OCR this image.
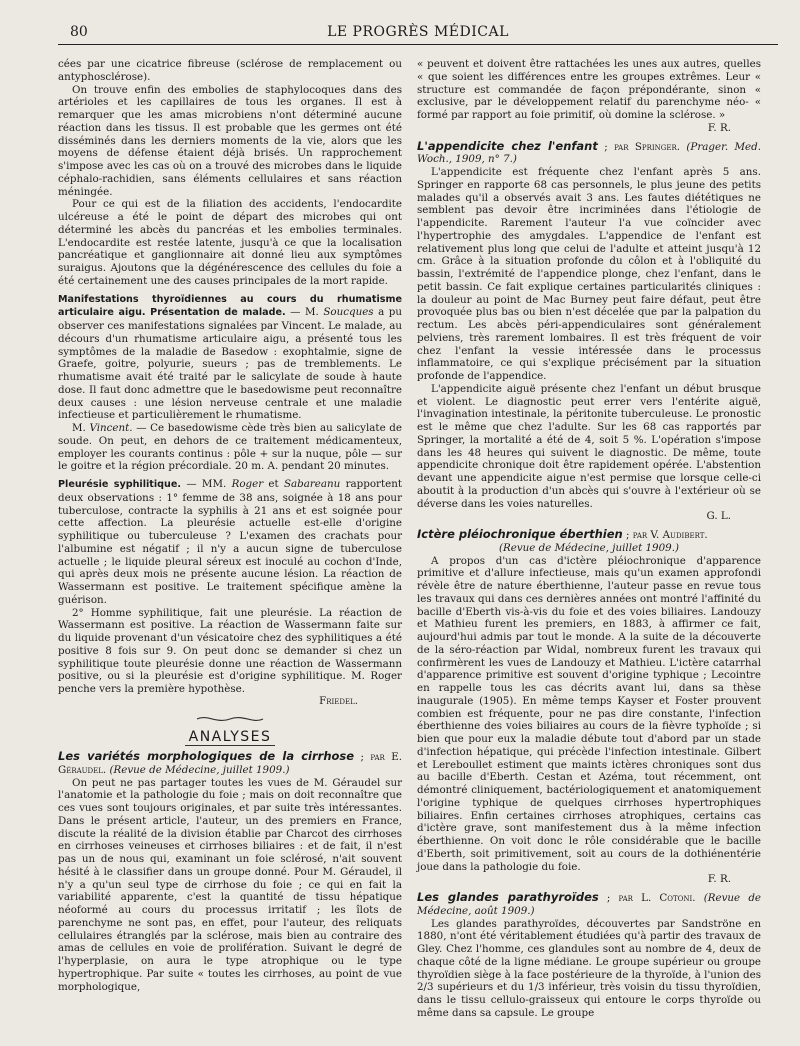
80	LE PROGRÈS MÉDICAL

cées par une cicatrice fibreuse (sclérose de remplacement ou antyphosclérose).

On trouve enfin des embolies de staphylocoques dans des artérioles et les capillaires de tous les organes. Il est à remarquer que les amas microbiens n'ont déterminé aucune réaction dans les tissus. Il est probable que les germes ont été disséminés dans les derniers moments de la vie, alors que les moyens de défense étaient déjà brisés. Un rapprochement s'impose avec les cas où on a trouvé des microbes dans le liquide céphalo-rachidien, sans éléments cellulaires et sans réaction méningée.

Pour ce qui est de la filiation des accidents, l'endocardite ulcéreuse a été le point de départ des microbes qui ont déterminé les abcès du pancréas et les embolies terminales. L'endocardite est restée latente, jusqu'à ce que la localisation pancréatique et ganglionnaire ait donné lieu aux symptômes suraigus. Ajoutons que la dégénérescence des cellules du foie a été certainement une des causes principales de la mort rapide.

Manifestations thyroïdiennes au cours du rhumatisme articulaire aigu. Présentation de malade. — M. Soucques a pu observer ces manifestations signalées par Vincent. Le malade, au décours d'un rhumatisme articulaire aigu, a présenté tous les symptômes de la maladie de Basedow : exophtalmie, signe de Graefe, goitre, polyurie, sueurs ; pas de tremblements. Le rhumatisme avait été traité par le salicylate de soude à haute dose. Il faut donc admettre que le basedowisme peut reconnaître deux causes : une lésion nerveuse centrale et une maladie infectieuse et particulièrement le rhumatisme.

M. Vincent. — Ce basedowisme cède très bien au salicylate de soude. On peut, en dehors de ce traitement médicamenteux, employer les courants continus : pôle + sur la nuque, pôle — sur le goitre et la région précordiale. 20 m. A. pendant 20 minutes.

Pleurésie syphilitique. — MM. Roger et Sabareanu rapportent deux observations : 1° femme de 38 ans, soignée à 18 ans pour tuberculose, contracte la syphilis à 21 ans et est soignée pour cette affection. La pleurésie actuelle est-elle d'origine syphilitique ou tuberculeuse ? L'examen des crachats pour l'albumine est négatif ; il n'y a aucun signe de tuberculose actuelle ; le liquide pleural séreux est inoculé au cochon d'Inde, qui après deux mois ne présente aucune lésion. La réaction de Wassermann est positive. Le traitement spécifique amène la guérison.

2° Homme syphilitique, fait une pleurésie. La réaction de Wassermann est positive. La réaction de Wassermann faite sur du liquide provenant d'un vésicatoire chez des syphilitiques a été positive 8 fois sur 9. On peut donc se demander si chez un syphilitique toute pleurésie donne une réaction de Wassermann positive, ou si la pleurésie est d'origine syphilitique. M. Roger penche vers la première hypothèse.

Friedel.

ANALYSES

Les variétés morphologiques de la cirrhose ; par E. Géraudel. (Revue de Médecine, juillet 1909.)

On peut ne pas partager toutes les vues de M. Géraudel sur l'anatomie et la pathologie du foie ; mais on doit reconnaître que ces vues sont toujours originales, et par suite très intéressantes. Dans le présent article, l'auteur, un des premiers en France, discute la réalité de la division établie par Charcot des cirrhoses en cirrhoses veineuses et cirrhoses biliaires : et de fait, il n'est pas un de nous qui, examinant un foie sclérosé, n'ait souvent hésité à le classifier dans un groupe donné. Pour M. Géraudel, il n'y a qu'un seul type de cirrhose du foie ; ce qui en fait la variabilité apparente, c'est la quantité de tissu hépatique néoformé au cours du processus irritatif ; les îlots de parenchyme ne sont pas, en effet, pour l'auteur, des reliquats cellulaires étranglés par la sclérose, mais bien au contraire des amas de cellules en voie de prolifération. Suivant le degré de l'hyperplasie, on aura le type atrophique ou le type hypertrophique. Par suite « toutes les cirrhoses, au point de vue morphologique,

« peuvent et doivent être rattachées les unes aux autres, quelles « que soient les différences entre les groupes extrêmes. Leur « structure est commandée de façon prépondérante, sinon « exclusive, par le développement relatif du parenchyme néo- « formé par rapport au foie primitif, où domine la sclérose. »

F. R.

L'appendicite chez l'enfant ; par Springer. (Prager. Med. Woch., 1909, n° 7.)

L'appendicite est fréquente chez l'enfant après 5 ans. Springer en rapporte 68 cas personnels, le plus jeune des petits malades qu'il a observés avait 3 ans. Les fautes diététiques ne semblent pas devoir être incriminées dans l'étiologie de l'appendicite. Rarement l'auteur l'a vue coïncider avec l'hypertrophie des amygdales. L'appendice de l'enfant est relativement plus long que celui de l'adulte et atteint jusqu'à 12 cm. Grâce à la situation profonde du côlon et à l'obliquité du bassin, l'extrémité de l'appendice plonge, chez l'enfant, dans le petit bassin. Ce fait explique certaines particularités cliniques : la douleur au point de Mac Burney peut faire défaut, peut être provoquée plus bas ou bien n'est décelée que par la palpation du rectum. Les abcès péri-appendiculaires sont généralement pelviens, très rarement lombaires. Il est très fréquent de voir chez l'enfant la vessie intéressée dans le processus inflammatoire, ce qui s'explique précisément par la situation profonde de l'appendice.

L'appendicite aiguë présente chez l'enfant un début brusque et violent. Le diagnostic peut errer vers l'entérite aiguë, l'invagination intestinale, la péritonite tuberculeuse. Le pronostic est le même que chez l'adulte. Sur les 68 cas rapportés par Springer, la mortalité a été de 4, soit 5 %. L'opération s'impose dans les 48 heures qui suivent le diagnostic. De même, toute appendicite chronique doit être rapidement opérée. L'abstention devant une appendicite aigue n'est permise que lorsque celle-ci aboutit à la production d'un abcès qui s'ouvre à l'extérieur où se déverse dans les voies naturelles.

G. L.

Ictère pléiochronique éberthien ; par V. Audibert.

(Revue de Médecine, juillet 1909.)

A propos d'un cas d'ictère pléiochronique d'apparence primitive et d'allure infectieuse, mais qu'un examen approfondi révèle être de nature éberthienne, l'auteur passe en revue tous les travaux qui dans ces dernières années ont montré l'affinité du bacille d'Eberth vis-à-vis du foie et des voies biliaires. Landouzy et Mathieu furent les premiers, en 1883, à affirmer ce fait, aujourd'hui admis par tout le monde. A la suite de la découverte de la séro-réaction par Widal, nombreux furent les travaux qui confirmèrent les vues de Landouzy et Mathieu. L'ictère catarrhal d'apparence primitive est souvent d'origine typhique ; Lecointre en rappelle tous les cas décrits avant lui, dans sa thèse inaugurale (1905). En même temps Kayser et Foster prouvent combien est fréquente, pour ne pas dire constante, l'infection éberthienne des voies biliaires au cours de la fièvre typhoïde ; si bien que pour eux la maladie débute tout d'abord par un stade d'infection hépatique, qui précède l'infection intestinale. Gilbert et Lereboullet estiment que maints ictères chroniques sont dus au bacille d'Eberth. Cestan et Azéma, tout récemment, ont démontré cliniquement, bactériologiquement et anatomiquement l'origine typhique de quelques cirrhoses hypertrophiques biliaires. Enfin certaines cirrhoses atrophiques, certains cas d'ictère grave, sont manifestement dus à la même infection éberthienne. On voit donc le rôle considérable que le bacille d'Eberth, soit primitivement, soit au cours de la dothiénentérie joue dans la pathologie du foie.

F. R.

Les glandes parathyroïdes ; par L. Cotoni. (Revue de Médecine, août 1909.)

Les glandes parathyroïdes, découvertes par Sandströne en 1880, n'ont été véritablement étudiées qu'à partir des travaux de Gley. Chez l'homme, ces glandules sont au nombre de 4, deux de chaque côté de la ligne médiane. Le groupe supérieur ou groupe thyroïdien siège à la face postérieure de la thyroïde, à l'union des 2/3 supérieurs et du 1/3 inférieur, très voisin du tissu thyroïdien, dans le tissu cellulo-graisseux qui entoure le corps thyroïde ou même dans sa capsule. Le groupe
